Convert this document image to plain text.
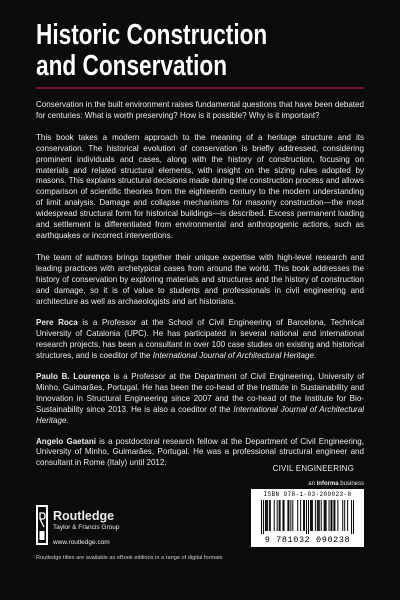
Historic Construction
and Conservation

Conservation in the built environment raises fundamental questions that have been debated for centuries: What is worth preserving? How is it possible? Why is it important?

This book takes a modern approach to the meaning of a heritage structure and its conservation. The historical evolution of conservation is briefly addressed, considering prominent individuals and cases, along with the history of construction, focusing on materials and related structural elements, with insight on the sizing rules adopted by masons. This explains structural decisions made during the construction process and allows comparison of scientific theories from the eighteenth century to the modern understanding of limit analysis. Damage and collapse mechanisms for masonry construction—the most widespread structural form for historical buildings—is described. Excess permanent loading and settlement is differentiated from environmental and anthropogenic actions, such as earthquakes or incorrect interventions.

The team of authors brings together their unique expertise with high-level research and leading practices with archetypical cases from around the world. This book addresses the history of conservation by exploring materials and structures and the history of construction and damage, so it is of value to students and professionals in civil engineering and architecture as well as archaeologists and art historians.

Pere Roca is a Professor at the School of Civil Engineering of Barcelona, Technical University of Catalonia (UPC). He has participated in several national and international research projects, has been a consultant in over 100 case studies on existing and historical structures, and is coeditor of the International Journal of Architectural Heritage.

Paulo B. Lourenço is a Professor at the Department of Civil Engineering, University of Minho, Guimarães, Portugal. He has been the co-head of the Institute in Sustainability and Innovation in Structural Engineering since 2007 and the co-head of the Institute for Bio-Sustainability since 2013. He is also a coeditor of the International Journal of Architectural Heritage.

Angelo Gaetani is a postdoctoral research fellow at the Department of Civil Engineering, University of Minho, Guimarães, Portugal. He was a professional structural engineer and consultant in Rome (Italy) until 2012.

CIVIL ENGINEERING
an informa business
Routledge
Taylor & Francis Group
www.routledge.com
Routledge titles are available as eBook editions in a range of digital formats
ISBN 978-1-03-209023-8
9 781032 090238
